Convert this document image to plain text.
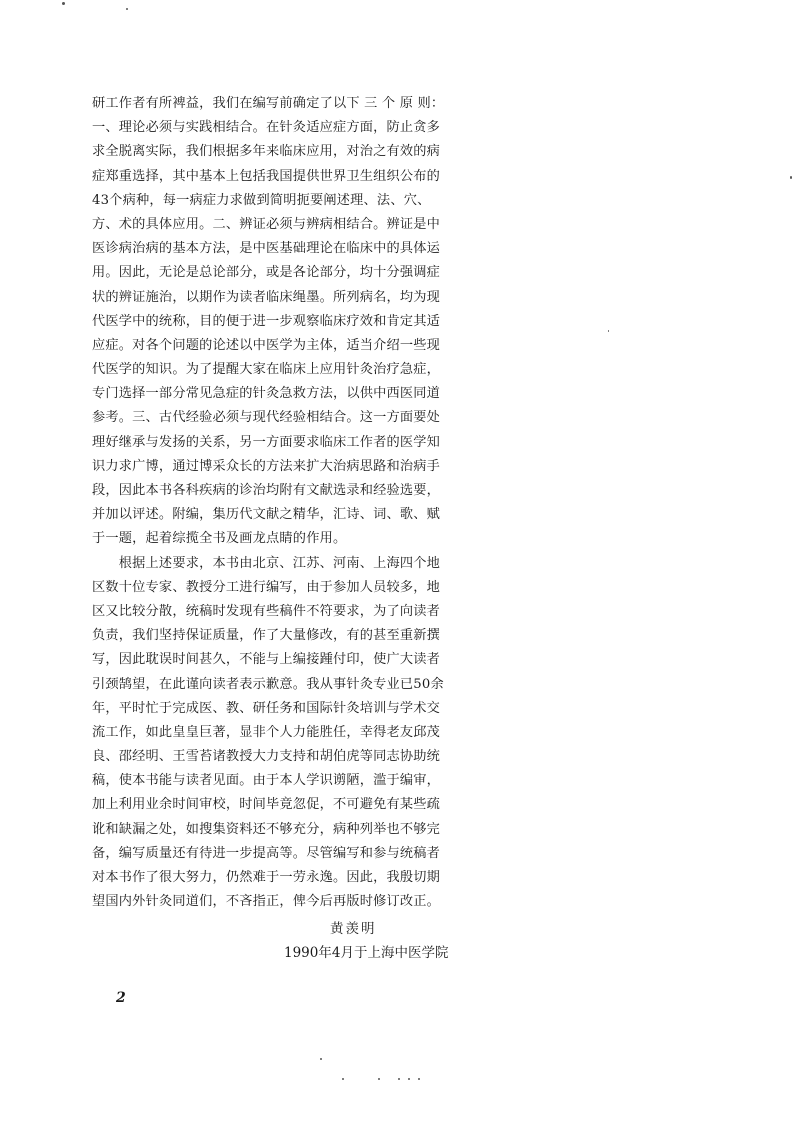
研工作者有所裨益，我们在编写前确定了以下 三 个 原 则：
一、理论必须与实践相结合。在针灸适应症方面，防止贪多
求全脱离实际，我们根据多年来临床应用，对治之有效的病
症郑重选择，其中基本上包括我国提供世界卫生组织公布的
43个病种，每一病症力求做到简明扼要阐述理、法、穴、
方、术的具体应用。二、辨证必须与辨病相结合。辨证是中
医诊病治病的基本方法，是中医基础理论在临床中的具体运
用。因此，无论是总论部分，或是各论部分，均十分强调症
状的辨证施治，以期作为读者临床绳墨。所列病名，均为现
代医学中的统称，目的便于进一步观察临床疗效和肯定其适
应症。对各个问题的论述以中医学为主体，适当介绍一些现
代医学的知识。为了提醒大家在临床上应用针灸治疗急症，
专门选择一部分常见急症的针灸急救方法，以供中西医同道
参考。三、古代经验必须与现代经验相结合。这一方面要处
理好继承与发扬的关系，另一方面要求临床工作者的医学知
识力求广博，通过博采众长的方法来扩大治病思路和治病手
段，因此本书各科疾病的诊治均附有文献选录和经验选要，
并加以评述。附编，集历代文献之精华，汇诗、词、歌、赋
于一题，起着综揽全书及画龙点睛的作用。
　　根据上述要求，本书由北京、江苏、河南、上海四个地
区数十位专家、教授分工进行编写，由于参加人员较多，地
区又比较分散，统稿时发现有些稿件不符要求，为了向读者
负责，我们坚持保证质量，作了大量修改，有的甚至重新撰
写，因此耽误时间甚久，不能与上编接踵付印，使广大读者
引颈鹄望，在此谨向读者表示歉意。我从事针灸专业已50余
年，平时忙于完成医、教、研任务和国际针灸培训与学术交
流工作，如此皇皇巨著，显非个人力能胜任，幸得老友邱茂
良、邵经明、王雪苔诸教授大力支持和胡伯虎等同志协助统
稿，使本书能与读者见面。由于本人学识谫陋，滥于编审，
加上利用业余时间审校，时间毕竟忽促，不可避免有某些疏
讹和缺漏之处，如搜集资料还不够充分，病种列举也不够完
备，编写质量还有待进一步提高等。尽管编写和参与统稿者
对本书作了很大努力，仍然难于一劳永逸。因此，我殷切期
望国内外针灸同道们，不吝指正，俾今后再版时修订改正。
黄羡明
1990年4月于上海中医学院
2
